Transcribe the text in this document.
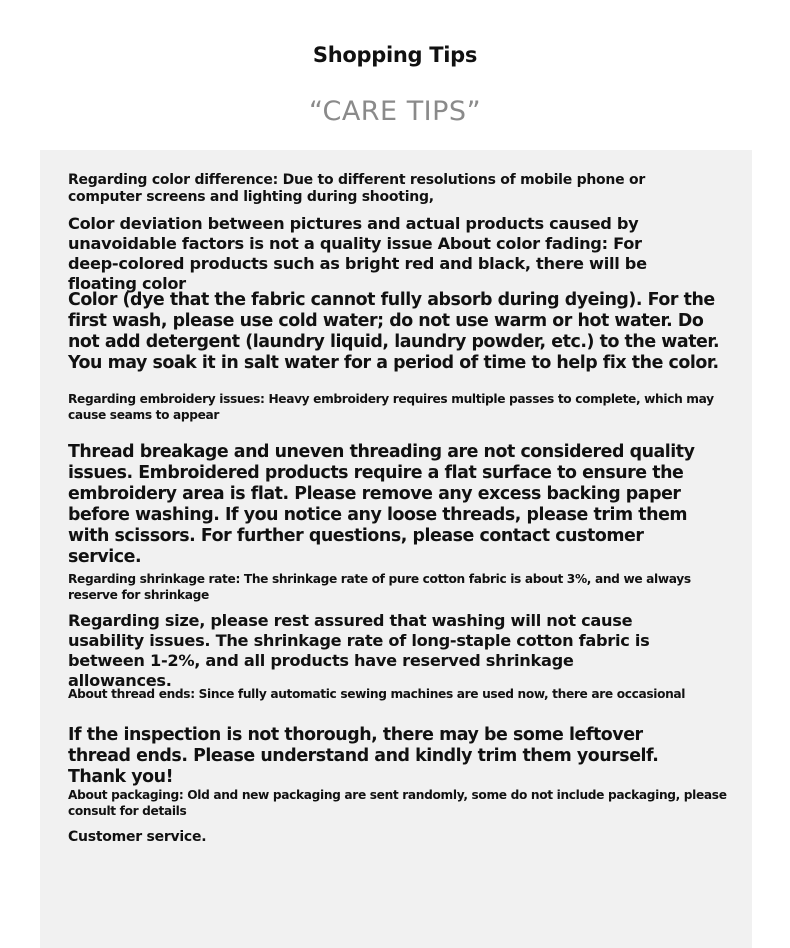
Shopping Tips
“CARE TIPS”

Regarding color difference: Due to different resolutions of mobile phone or computer screens and lighting during shooting,

Color deviation between pictures and actual products caused by unavoidable factors is not a quality issue About color fading: For deep-colored products such as bright red and black, there will be floating color

Color (dye that the fabric cannot fully absorb during dyeing). For the first wash, please use cold water; do not use warm or hot water. Do not add detergent (laundry liquid, laundry powder, etc.) to the water. You may soak it in salt water for a period of time to help fix the color.

Regarding embroidery issues: Heavy embroidery requires multiple passes to complete, which may cause seams to appear

Thread breakage and uneven threading are not considered quality issues. Embroidered products require a flat surface to ensure the embroidery area is flat. Please remove any excess backing paper before washing. If you notice any loose threads, please trim them with scissors. For further questions, please contact customer service.

Regarding shrinkage rate: The shrinkage rate of pure cotton fabric is about 3%, and we always reserve for shrinkage

Regarding size, please rest assured that washing will not cause usability issues. The shrinkage rate of long-staple cotton fabric is between 1-2%, and all products have reserved shrinkage allowances.

About thread ends: Since fully automatic sewing machines are used now, there are occasional

If the inspection is not thorough, there may be some leftover thread ends. Please understand and kindly trim them yourself. Thank you!

About packaging: Old and new packaging are sent randomly, some do not include packaging, please consult for details

Customer service.
